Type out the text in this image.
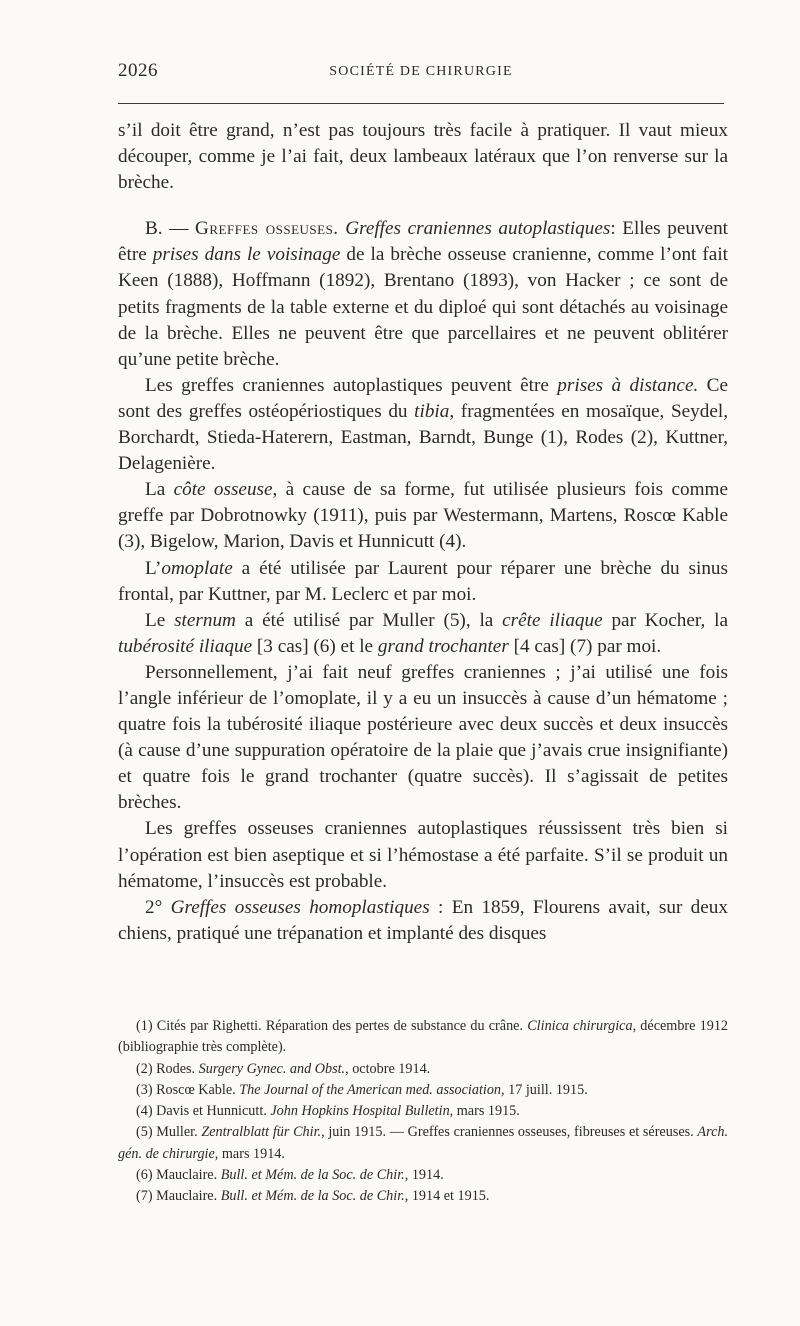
2026	SOCIÉTÉ DE CHIRURGIE

s’il doit être grand, n’est pas toujours très facile à pratiquer. Il vaut mieux découper, comme je l’ai fait, deux lambeaux latéraux que l’on renverse sur la brèche.

B. — Greffes osseuses. Greffes craniennes autoplastiques: Elles peuvent être prises dans le voisinage de la brèche osseuse cranienne, comme l’ont fait Keen (1888), Hoffmann (1892), Brentano (1893), von Hacker ; ce sont de petits fragments de la table externe et du diploé qui sont détachés au voisinage de la brèche. Elles ne peuvent être que parcellaires et ne peuvent oblitérer qu’une petite brèche.

Les greffes craniennes autoplastiques peuvent être prises à distance. Ce sont des greffes ostéopériostiques du tibia, fragmentées en mosaïque, Seydel, Borchardt, Stieda-Haterern, Eastman, Barndt, Bunge (1), Rodes (2), Kuttner, Delagenière.

La côte osseuse, à cause de sa forme, fut utilisée plusieurs fois comme greffe par Dobrotnowky (1911), puis par Westermann, Martens, Roscœ Kable (3), Bigelow, Marion, Davis et Hunnicutt (4).

L’omoplate a été utilisée par Laurent pour réparer une brèche du sinus frontal, par Kuttner, par M. Leclerc et par moi.

Le sternum a été utilisé par Muller (5), la crête iliaque par Kocher, la tubérosité iliaque [3 cas] (6) et le grand trochanter [4 cas] (7) par moi.

Personnellement, j’ai fait neuf greffes craniennes ; j’ai utilisé une fois l’angle inférieur de l’omoplate, il y a eu un insuccès à cause d’un hématome ; quatre fois la tubérosité iliaque postérieure avec deux succès et deux insuccès (à cause d’une suppuration opératoire de la plaie que j’avais crue insignifiante) et quatre fois le grand trochanter (quatre succès). Il s’agissait de petites brèches.

Les greffes osseuses craniennes autoplastiques réussissent très bien si l’opération est bien aseptique et si l’hémostase a été parfaite. S’il se produit un hématome, l’insuccès est probable.

2° Greffes osseuses homoplastiques : En 1859, Flourens avait, sur deux chiens, pratiqué une trépanation et implanté des disques

(1) Cités par Righetti. Réparation des pertes de substance du crâne. Clinica chirurgica, décembre 1912 (bibliographie très complète).

(2) Rodes. Surgery Gynec. and Obst., octobre 1914.

(3) Roscœ Kable. The Journal of the American med. association, 17 juill. 1915.

(4) Davis et Hunnicutt. John Hopkins Hospital Bulletin, mars 1915.

(5) Muller. Zentralblatt für Chir., juin 1915. — Greffes craniennes osseuses, fibreuses et séreuses. Arch. gén. de chirurgie, mars 1914.

(6) Mauclaire. Bull. et Mém. de la Soc. de Chir., 1914.

(7) Mauclaire. Bull. et Mém. de la Soc. de Chir., 1914 et 1915.
